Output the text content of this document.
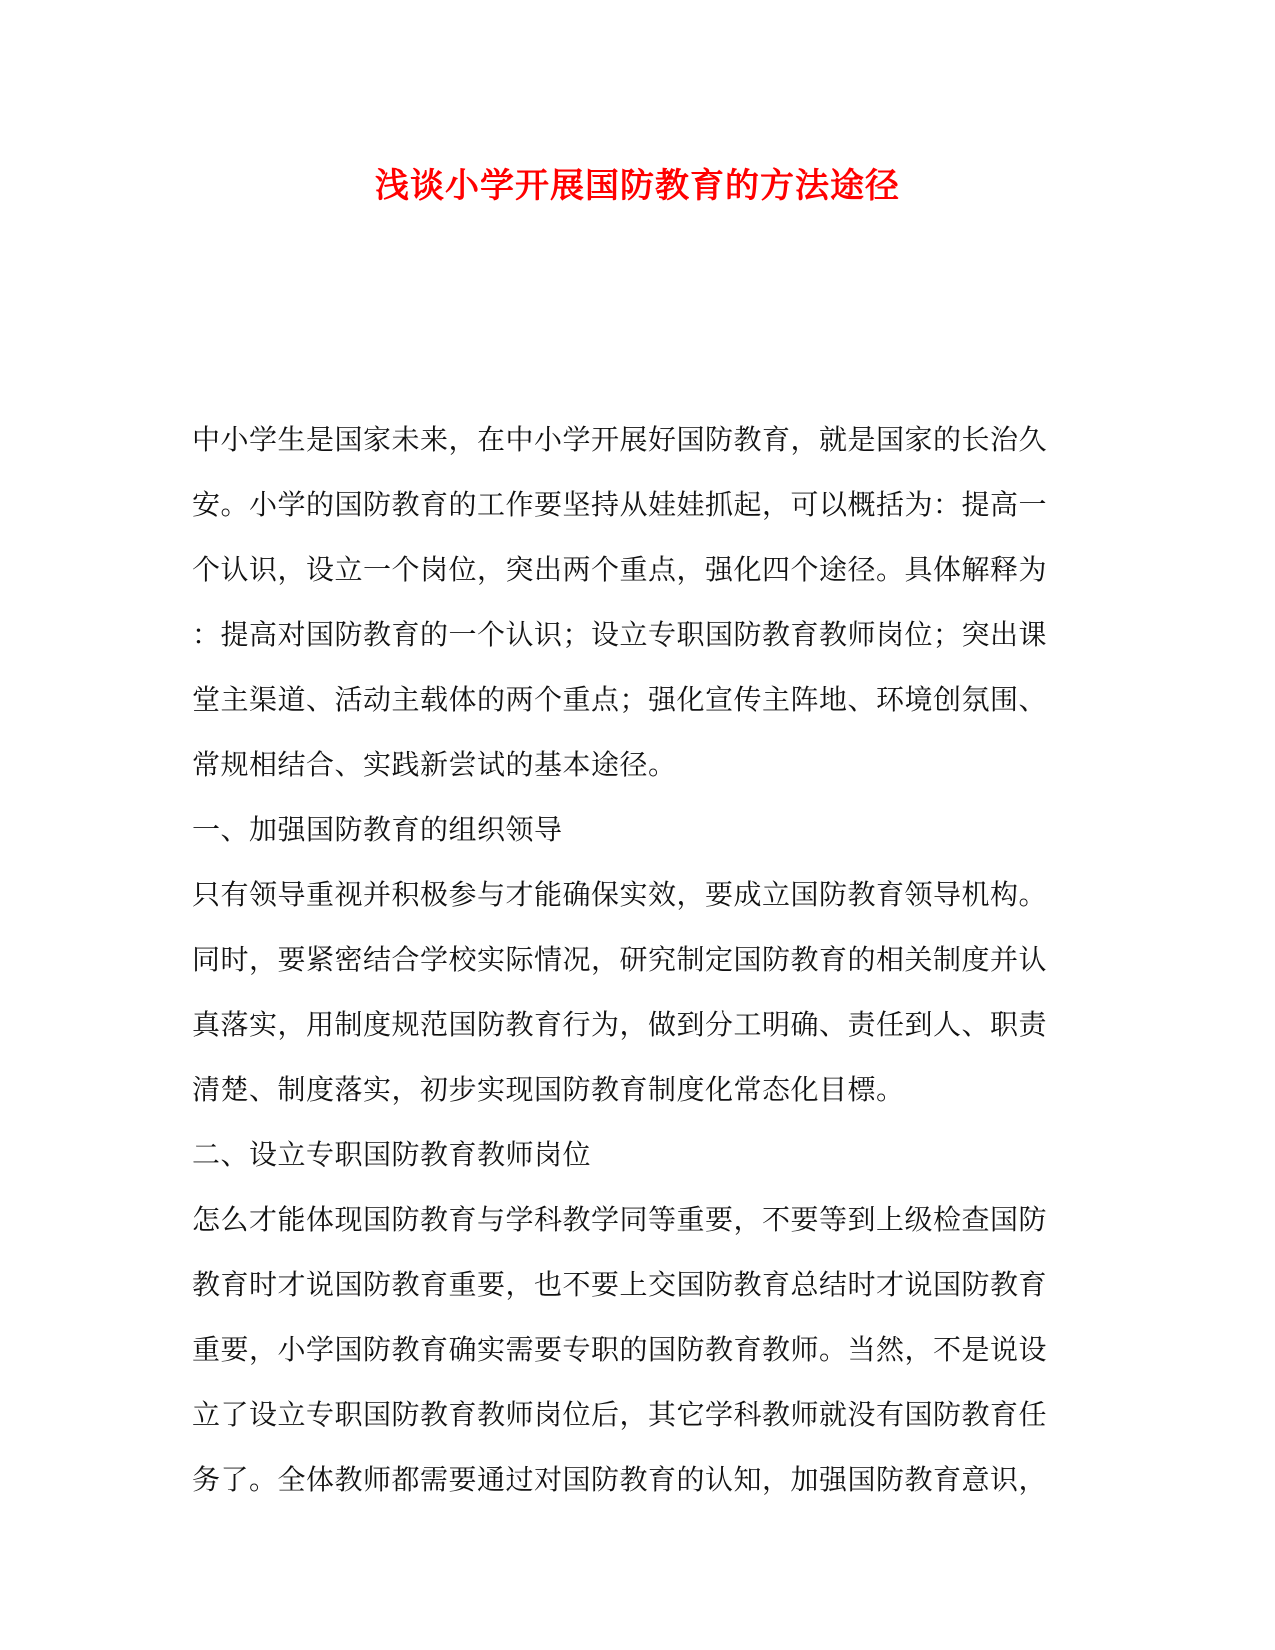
浅谈小学开展国防教育的方法途径
中小学生是国家未来，在中小学开展好国防教育，就是国家的长治久
安。小学的国防教育的工作要坚持从娃娃抓起，可以概括为：提高一
个认识，设立一个岗位，突出两个重点，强化四个途径。具体解释为
：提高对国防教育的一个认识；设立专职国防教育教师岗位；突出课
堂主渠道、活动主载体的两个重点；强化宣传主阵地、环境创氛围、
常规相结合、实践新尝试的基本途径。
一、加强国防教育的组织领导
只有领导重视并积极参与才能确保实效，要成立国防教育领导机构。
同时，要紧密结合学校实际情况，研究制定国防教育的相关制度并认
真落实，用制度规范国防教育行为，做到分工明确、责任到人、职责
清楚、制度落实，初步实现国防教育制度化常态化目標。
二、设立专职国防教育教师岗位
怎么才能体现国防教育与学科教学同等重要，不要等到上级检查国防
教育时才说国防教育重要，也不要上交国防教育总结时才说国防教育
重要，小学国防教育确实需要专职的国防教育教师。当然，不是说设
立了设立专职国防教育教师岗位后，其它学科教师就没有国防教育任
务了。全体教师都需要通过对国防教育的认知，加强国防教育意识，
